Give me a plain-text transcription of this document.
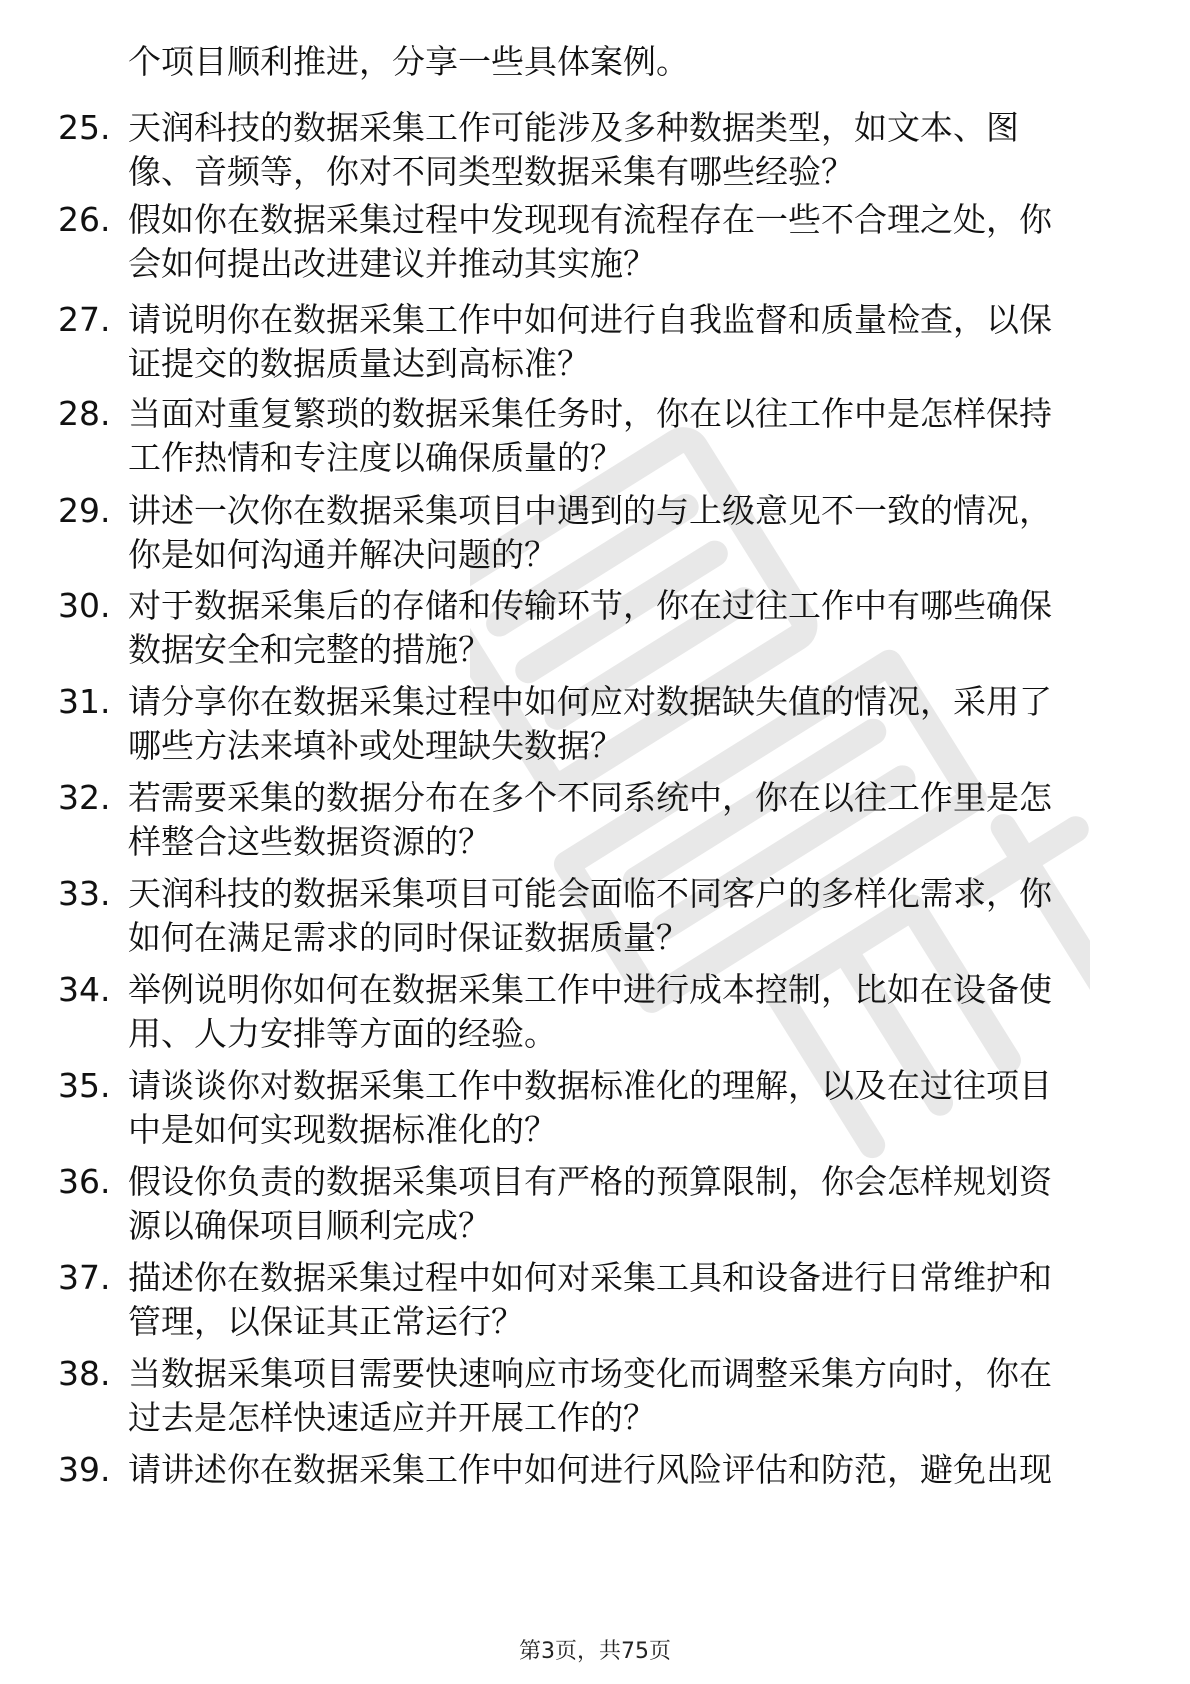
个项目顺利推进，分享一些具体案例。
25. 天润科技的数据采集工作可能涉及多种数据类型，如文本、图
像、音频等，你对不同类型数据采集有哪些经验？
26. 假如你在数据采集过程中发现现有流程存在一些不合理之处，你
会如何提出改进建议并推动其实施？
27. 请说明你在数据采集工作中如何进行自我监督和质量检查，以保
证提交的数据质量达到高标准？
28. 当面对重复繁琐的数据采集任务时，你在以往工作中是怎样保持
工作热情和专注度以确保质量的？
29. 讲述一次你在数据采集项目中遇到的与上级意见不一致的情况，
你是如何沟通并解决问题的？
30. 对于数据采集后的存储和传输环节，你在过往工作中有哪些确保
数据安全和完整的措施？
31. 请分享你在数据采集过程中如何应对数据缺失值的情况，采用了
哪些方法来填补或处理缺失数据？
32. 若需要采集的数据分布在多个不同系统中，你在以往工作里是怎
样整合这些数据资源的？
33. 天润科技的数据采集项目可能会面临不同客户的多样化需求，你
如何在满足需求的同时保证数据质量？
34. 举例说明你如何在数据采集工作中进行成本控制，比如在设备使
用、人力安排等方面的经验。
35. 请谈谈你对数据采集工作中数据标准化的理解，以及在过往项目
中是如何实现数据标准化的？
36. 假设你负责的数据采集项目有严格的预算限制，你会怎样规划资
源以确保项目顺利完成？
37. 描述你在数据采集过程中如何对采集工具和设备进行日常维护和
管理，以保证其正常运行？
38. 当数据采集项目需要快速响应市场变化而调整采集方向时，你在
过去是怎样快速适应并开展工作的？
39. 请讲述你在数据采集工作中如何进行风险评估和防范，避免出现
第3页，共75页
